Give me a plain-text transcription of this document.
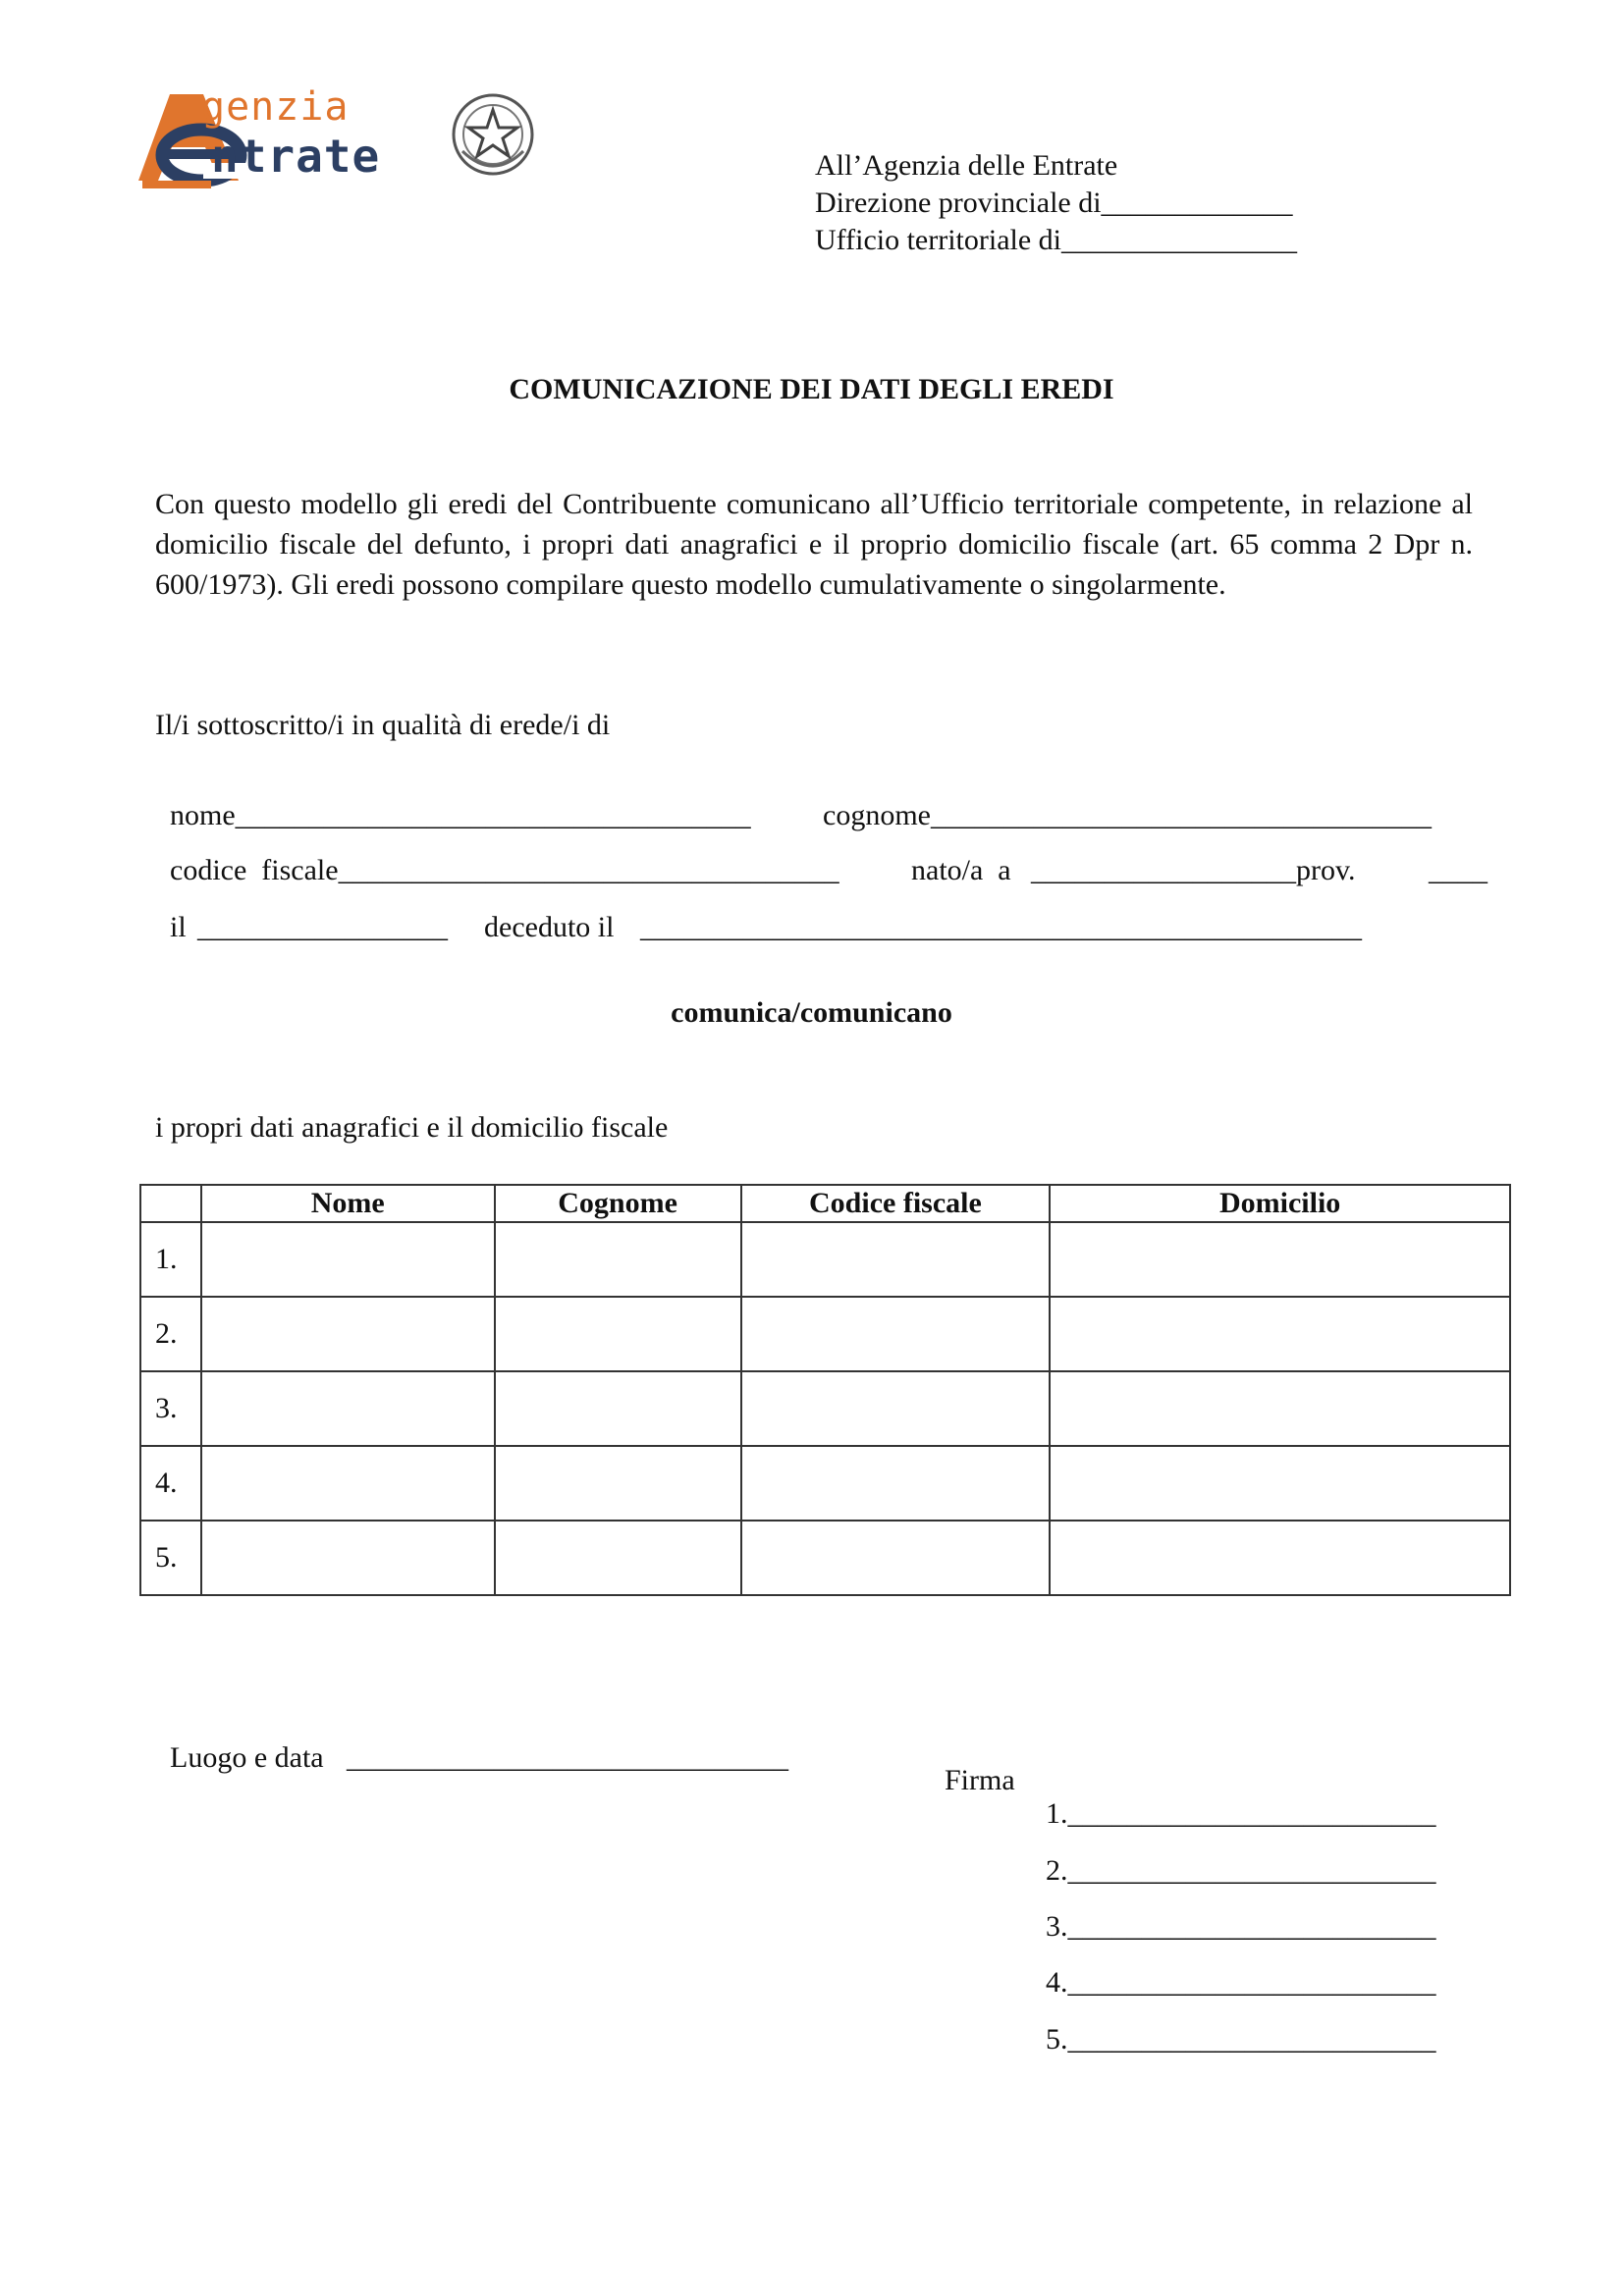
genzia
ntrate	All’Agenzia delle Entrate
Direzione provinciale di_____________
Ufficio territoriale di________________
COMUNICAZIONE DEI DATI DEGLI EREDI
Con questo modello gli eredi del Contribuente comunicano all’Ufficio territoriale competente, in relazione al domicilio fiscale del defunto, i propri dati anagrafici e il proprio domicilio fiscale (art. 65 comma 2 Dpr n. 600/1973). Gli eredi possono compilare questo modello cumulativamente o singolarmente.
Il/i sottoscritto/i in qualità di erede/i di

nome___________________________________	cognome__________________________________

codice  fiscale__________________________________	nato/a  a __________________prov.	____

il _________________	deceduto il _________________________________________________

comunica/comunicano
i propri dati anagrafici e il domicilio fiscale
	Nome	Cognome	Codice fiscale	Domicilio
1.				
2.				
3.				
4.				
5.				

Luogo e data ______________________________

Firma

1._________________________

2._________________________

3._________________________

4._________________________

5._________________________
